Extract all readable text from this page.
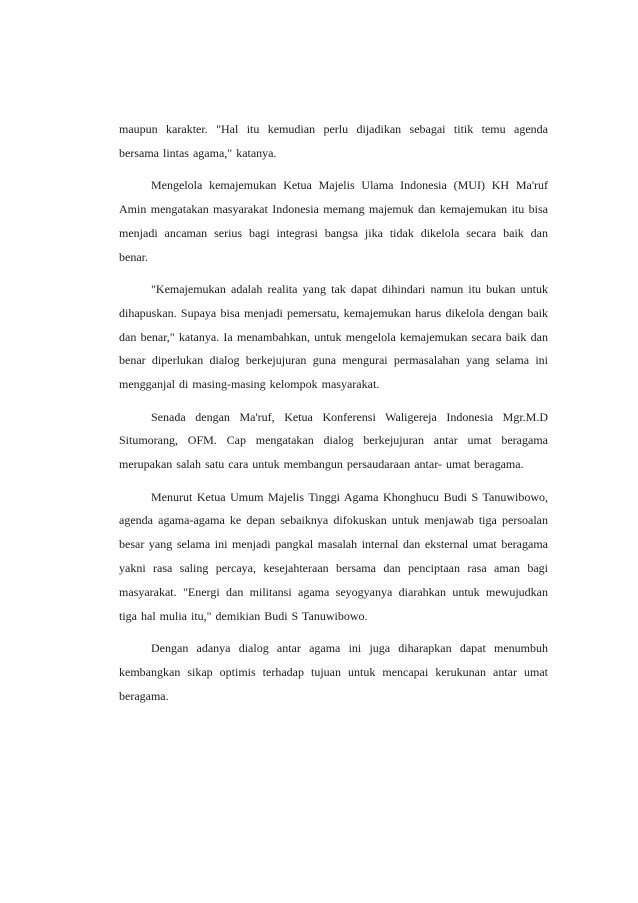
maupun karakter. "Hal itu kemudian perlu dijadikan sebagai titik temu agenda bersama lintas agama," katanya.

Mengelola kemajemukan Ketua Majelis Ulama Indonesia (MUI) KH Ma'ruf Amin mengatakan masyarakat Indonesia memang majemuk dan kemajemukan itu bisa menjadi ancaman serius bagi integrasi bangsa jika tidak dikelola secara baik dan benar.

"Kemajemukan adalah realita yang tak dapat dihindari namun itu bukan untuk dihapuskan. Supaya bisa menjadi pemersatu, kemajemukan harus dikelola dengan baik dan benar," katanya. Ia menambahkan, untuk mengelola kemajemukan secara baik dan benar diperlukan dialog berkejujuran guna mengurai permasalahan yang selama ini mengganjal di masing-masing kelompok masyarakat.

Senada dengan Ma'ruf, Ketua Konferensi Waligereja Indonesia Mgr.M.D Situmorang, OFM. Cap mengatakan dialog berkejujuran antar umat beragama merupakan salah satu cara untuk membangun persaudaraan antar- umat beragama.

Menurut Ketua Umum Majelis Tinggi Agama Khonghucu Budi S Tanuwibowo, agenda agama-agama ke depan sebaiknya difokuskan untuk menjawab tiga persoalan besar yang selama ini menjadi pangkal masalah internal dan eksternal umat beragama yakni rasa saling percaya, kesejahteraan bersama dan penciptaan rasa aman bagi masyarakat. "Energi dan militansi agama seyogyanya diarahkan untuk mewujudkan tiga hal mulia itu," demikian Budi S Tanuwibowo.

Dengan adanya dialog antar agama ini juga diharapkan dapat menumbuh kembangkan sikap optimis terhadap tujuan untuk mencapai kerukunan antar umat beragama.
